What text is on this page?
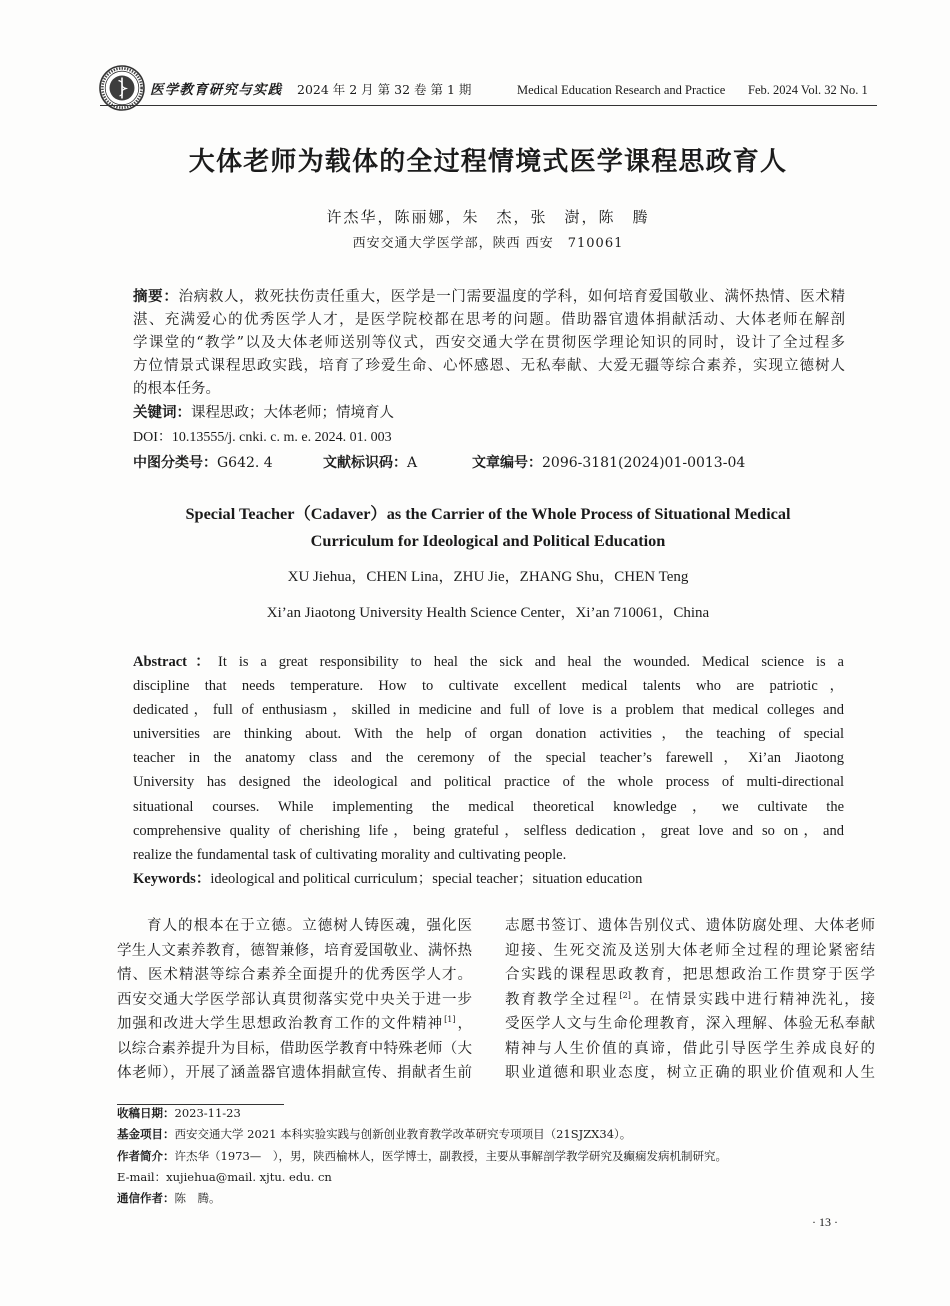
医学教育研究与实践 2024 年 2 月 第 32 卷 第 1 期	Medical Education Research and Practice Feb. 2024 Vol. 32 No. 1
大体老师为载体的全过程情境式医学课程思政育人
许杰华，陈丽娜，朱　杰，张　澍，陈　腾
西安交通大学医学部，陕西 西安　710061
摘要：治病救人，救死扶伤责任重大，医学是一门需要温度的学科，如何培育爱国敬业、满怀热情、医术精
湛、充满爱心的优秀医学人才，是医学院校都在思考的问题。借助器官遗体捐献活动、大体老师在解剖
学课堂的“教学”以及大体老师送别等仪式，西安交通大学在贯彻医学理论知识的同时，设计了全过程多
方位情景式课程思政实践，培育了珍爱生命、心怀感恩、无私奉献、大爱无疆等综合素养，实现立德树人
的根本任务。
关键词：课程思政；大体老师；情境育人
DOI：10.13555/j. cnki. c. m. e. 2024. 01. 003
中图分类号：G642. 4	文献标识码：A	文章编号：2096-3181(2024)01-0013-04
Special Teacher（Cadaver）as the Carrier of the Whole Process of Situational Medical
Curriculum for Ideological and Political Education
XU Jiehua，CHEN Lina，ZHU Jie，ZHANG Shu，CHEN Teng
Xi’an Jiaotong University Health Science Center，Xi’an 710061，China
Abstract：It is a great responsibility to heal the sick and heal the wounded. Medical science is a
discipline that needs temperature. How to cultivate excellent medical talents who are patriotic，
dedicated，full of enthusiasm，skilled in medicine and full of love is a problem that medical colleges and
universities are thinking about. With the help of organ donation activities，the teaching of special
teacher in the anatomy class and the ceremony of the special teacher’s farewell，Xi’an Jiaotong
University has designed the ideological and political practice of the whole process of multi-directional
situational courses. While implementing the medical theoretical knowledge，we cultivate the
comprehensive quality of cherishing life，being grateful，selfless dedication，great love and so on，and
realize the fundamental task of cultivating morality and cultivating people.
Keywords：ideological and political curriculum；special teacher；situation education
育人的根本在于立德。立德树人铸医魂，强化医
学生人文素养教育，德智兼修，培育爱国敬业、满怀热
情、医术精湛等综合素养全面提升的优秀医学人才。
西安交通大学医学部认真贯彻落实党中央关于进一步
加强和改进大学生思想政治教育工作的文件精神[1]，
以综合素养提升为目标，借助医学教育中特殊老师（大
体老师），开展了涵盖器官遗体捐献宣传、捐献者生前
志愿书签订、遗体告别仪式、遗体防腐处理、大体老师
迎接、生死交流及送别大体老师全过程的理论紧密结
合实践的课程思政教育，把思想政治工作贯穿于医学
教育教学全过程[2]。在情景实践中进行精神洗礼，接
受医学人文与生命伦理教育，深入理解、体验无私奉献
精神与人生价值的真谛，借此引导医学生养成良好的
职业道德和职业态度，树立正确的职业价值观和人生
收稿日期：2023-11-23
基金项目：西安交通大学 2021 本科实验实践与创新创业教育教学改革研究专项项目（21SJZX34）。
作者简介：许杰华（1973—　），男，陕西榆林人，医学博士，副教授，主要从事解剖学教学研究及癫痫发病机制研究。
E-mail：xujiehua@mail. xjtu. edu. cn
通信作者：陈　腾。
· 13 ·
